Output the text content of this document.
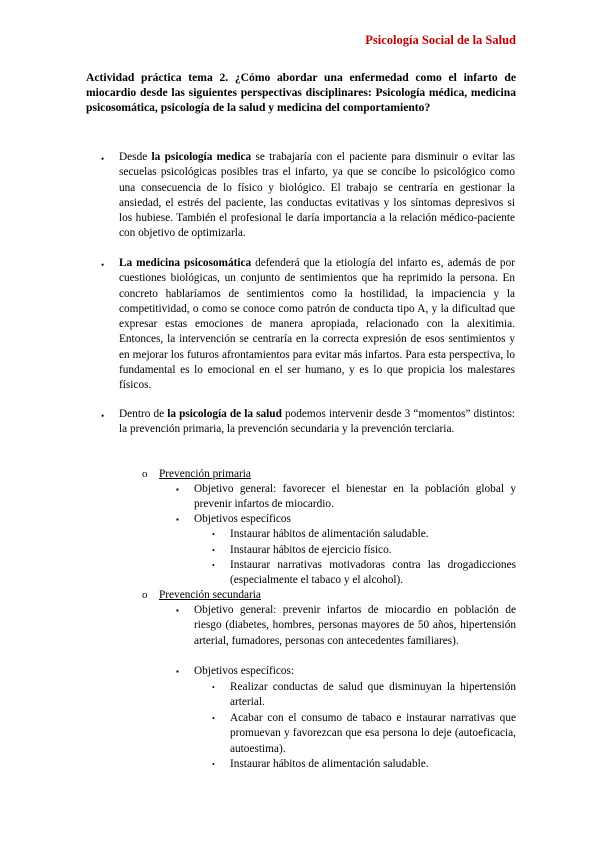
Psicología Social de la Salud
Actividad práctica tema 2. ¿Cómo abordar una enfermedad como el infarto de miocardio desde las siguientes perspectivas disciplinares: Psicología médica, medicina psicosomática, psicología de la salud y medicina del comportamiento?
• Desde la psicología medica se trabajaría con el paciente para disminuir o evitar las secuelas psicológicas posibles tras el infarto, ya que se concibe lo psicológico como una consecuencia de lo físico y biológico. El trabajo se centraría en gestionar la ansiedad, el estrés del paciente, las conductas evitativas y los síntomas depresivos si los hubiese. También el profesional le daría importancia a la relación médico-paciente con objetivo de optimizarla.
• La medicina psicosomática defenderá que la etiología del infarto es, además de por cuestiones biológicas, un conjunto de sentimientos que ha reprimido la persona. En concreto hablaríamos de sentimientos como la hostilidad, la impaciencia y la competitividad, o como se conoce como patrón de conducta tipo A, y la dificultad que expresar estas emociones de manera apropiada, relacionado con la alexitimia. Entonces, la intervención se centraría en la correcta expresión de esos sentimientos y en mejorar los futuros afrontamientos para evitar más infartos. Para esta perspectiva, lo fundamental es lo emocional en el ser humano, y es lo que propicia los malestares físicos.
• Dentro de la psicología de la salud podemos intervenir desde 3 “momentos” distintos: la prevención primaria, la prevención secundaria y la prevención terciaria.
o Prevención primaria
▪ Objetivo general: favorecer el bienestar en la población global y prevenir infartos de miocardio.
▪ Objetivos específicos
• Instaurar hábitos de alimentación saludable.
• Instaurar hábitos de ejercicio físico.
• Instaurar narrativas motivadoras contra las drogadicciones (especialmente el tabaco y el alcohol).
o Prevención secundaria
▪ Objetivo general: prevenir infartos de miocardio en población de riesgo (diabetes, hombres, personas mayores de 50 años, hipertensión arterial, fumadores, personas con antecedentes familiares).
▪ Objetivos específicos:
• Realizar conductas de salud que disminuyan la hipertensión arterial.
• Acabar con el consumo de tabaco e instaurar narrativas que promuevan y favorezcan que esa persona lo deje (autoeficacia, autoestima).
• Instaurar hábitos de alimentación saludable.
